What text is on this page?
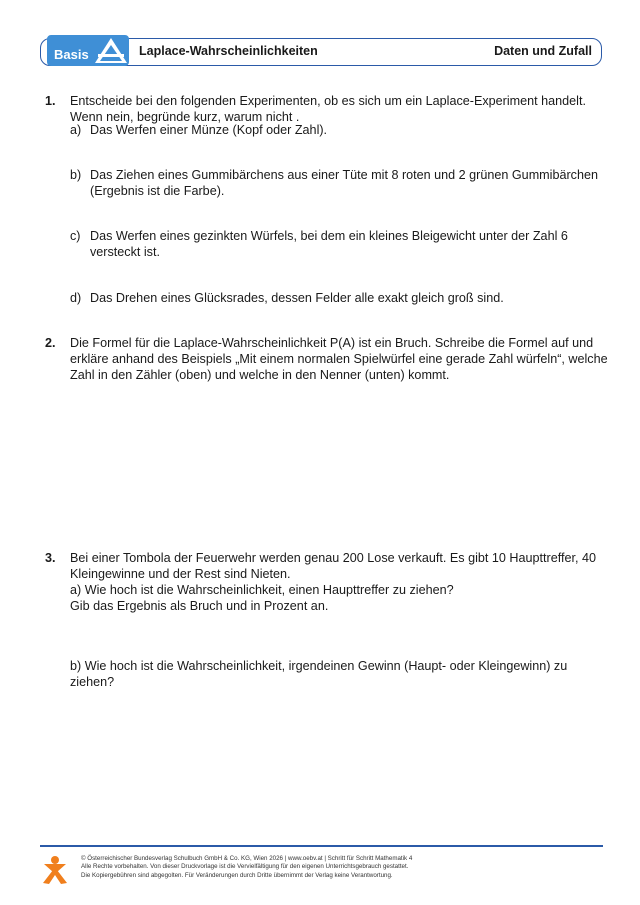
Basis	Laplace-Wahrscheinlichkeiten	Daten und Zufall
1.	Entscheide bei den folgenden Experimenten, ob es sich um ein Laplace-Experiment handelt.
Wenn nein, begründe kurz, warum nicht .
a) Das Werfen einer Münze (Kopf oder Zahl).
b) Das Ziehen eines Gummibärchens aus einer Tüte mit 8 roten und 2 grünen Gummibärchen
(Ergebnis ist die Farbe).
c) Das Werfen eines gezinkten Würfels, bei dem ein kleines Bleigewicht unter der Zahl 6
versteckt ist.
d) Das Drehen eines Glücksrades, dessen Felder alle exakt gleich groß sind.
2.	Die Formel für die Laplace-Wahrscheinlichkeit P(A) ist ein Bruch. Schreibe die Formel auf und
erkläre anhand des Beispiels „Mit einem normalen Spielwürfel eine gerade Zahl würfeln“, welche
Zahl in den Zähler (oben) und welche in den Nenner (unten) kommt.
3.	Bei einer Tombola der Feuerwehr werden genau 200 Lose verkauft. Es gibt 10 Haupttreffer, 40
Kleingewinne und der Rest sind Nieten.
a) Wie hoch ist die Wahrscheinlichkeit, einen Haupttreffer zu ziehen?
Gib das Ergebnis als Bruch und in Prozent an.
b) Wie hoch ist die Wahrscheinlichkeit, irgendeinen Gewinn (Haupt- oder Kleingewinn) zu
ziehen?
© Österreichischer Bundesverlag Schulbuch GmbH & Co. KG, Wien 2026 | www.oebv.at | Schritt für Schritt Mathematik 4
Alle Rechte vorbehalten. Von dieser Druckvorlage ist die Vervielfältigung für den eigenen Unterrichtsgebrauch gestattet.
Die Kopiergebühren sind abgegolten. Für Veränderungen durch Dritte übernimmt der Verlag keine Verantwortung.
